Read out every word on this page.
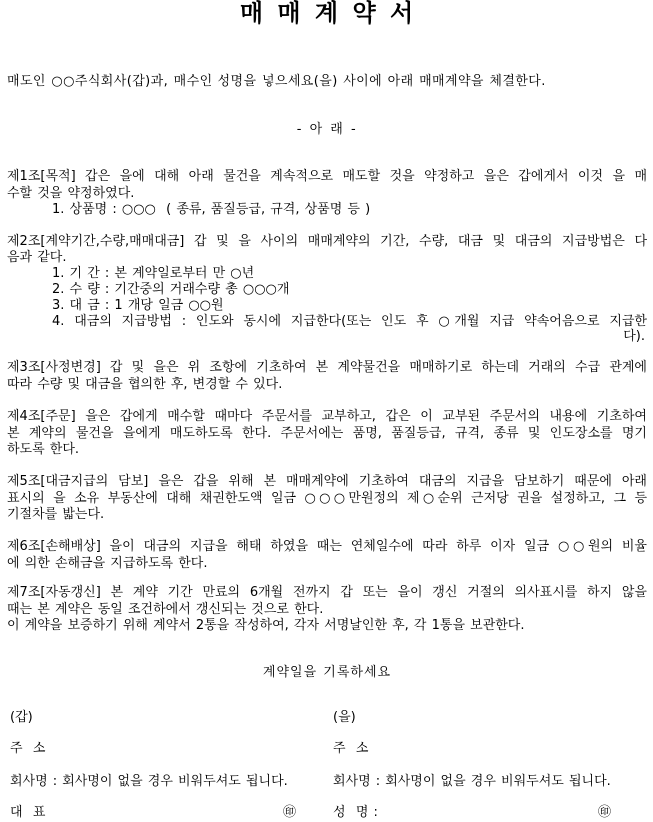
매 매 계 약 서
매도인 ○○주식회사(갑)과, 매수인 성명을 넣으세요(을) 사이에 아래 매매계약을 체결한다.
- 아 래 -
제1조[목적] 갑은 을에 대해 아래 물건을 계속적으로 매도할 것을 약정하고 을은 갑에게서 이것 을 매
수할 것을 약정하였다.
1. 상품명 : ○○○  ( 종류, 품질등급, 규격, 상품명 등 )
제2조[계약기간,수량,매매대금] 갑 및 을 사이의 매매계약의 기간, 수량, 대금 및 대금의 지급방법은 다
음과 같다.
1. 기 간 : 본 계약일로부터 만 ○년
2. 수 량 : 기간중의 거래수량 총 ○○○개
3. 대 금 : 1 개당 일금 ○○원
4. 대금의 지급방법 : 인도와 동시에 지급한다(또는 인도 후 ○개월 지급 약속어음으로 지급한
다).
제3조[사정변경] 갑 및 을은 위 조항에 기초하여 본 계약물건을 매매하기로 하는데 거래의 수급 관계에
따라 수량 및 대금을 협의한 후, 변경할 수 있다.
제4조[주문] 을은 갑에게 매수할 때마다 주문서를 교부하고, 갑은 이 교부된 주문서의 내용에 기초하여
본 계약의 물건을 을에게 매도하도록 한다. 주문서에는 품명, 품질등급, 규격, 종류 및 인도장소를 명기
하도록 한다.
제5조[대금지급의 담보] 을은 갑을 위해 본 매매계약에 기초하여 대금의 지급을 담보하기 때문에 아래
표시의 을 소유 부동산에 대해 채권한도액 일금 ○○○만원정의 제○순위 근저당 권을 설정하고, 그 등
기절차를 밟는다.
제6조[손해배상] 을이 대금의 지급을 해태 하였을 때는 연체일수에 따라 하루 이자 일금 ○○원의 비율
에 의한 손해금을 지급하도록 한다.
제7조[자동갱신] 본 계약 기간 만료의 6개월 전까지 갑 또는 을이 갱신 거절의 의사표시를 하지 않을
때는 본 계약은 동일 조건하에서 갱신되는 것으로 한다.
이 계약을 보증하기 위해 계약서 2통을 작성하여, 각자 서명날인한 후, 각 1통을 보관한다.
계약일을 기록하세요
(갑)
주  소
회사명 : 회사명이 없을 경우 비워두셔도 됩니다.
대  표	㊞
(을)
주  소
회사명 : 회사명이 없을 경우 비워두셔도 됩니다.
성  명 :	㊞
